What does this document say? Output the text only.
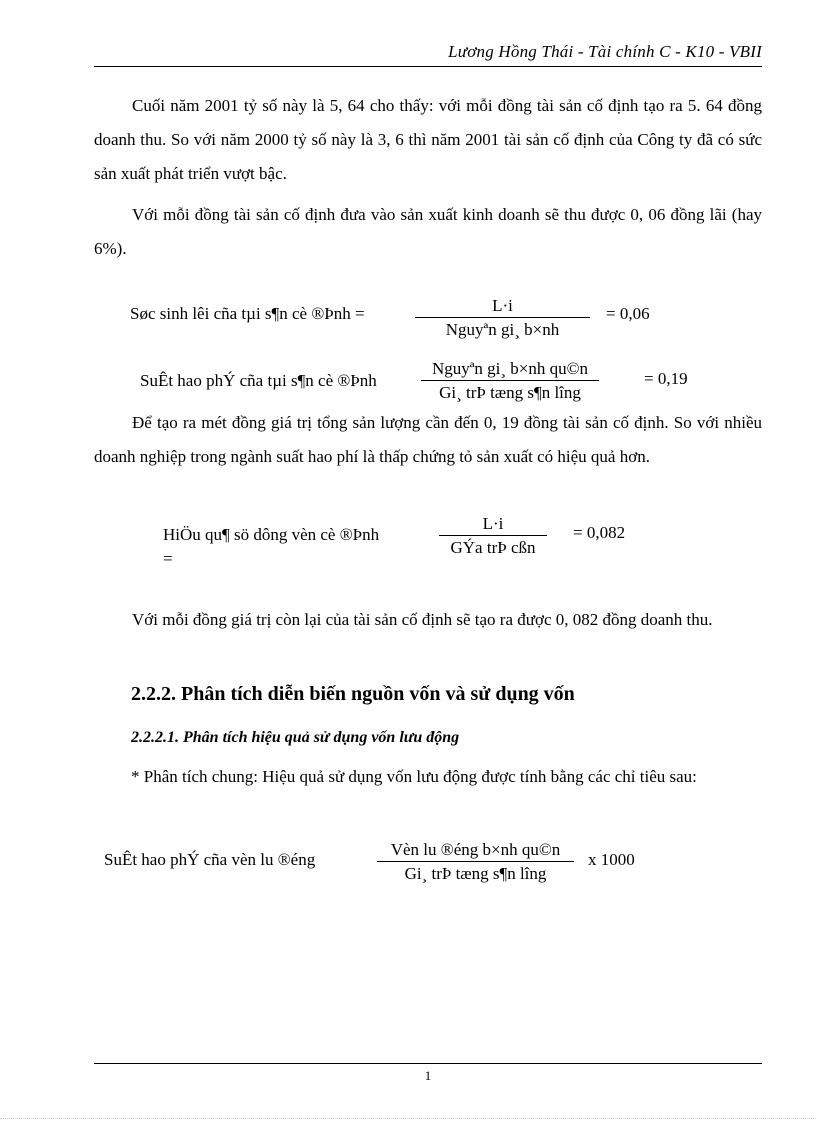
Lương Hồng Thái - Tài chính C - K10 - VBII
Cuối năm 2001 tỷ số này là 5, 64 cho thấy: với mỗi đồng tài sản cố định tạo ra 5. 64 đồng doanh thu. So với năm 2000 tỷ số này là 3, 6 thì năm 2001 tài sản cố định của Công ty đã có sức sản xuất phát triển vượt bậc.
Với mỗi đồng tài sản cố định đưa vào sản xuất kinh doanh sẽ thu được 0, 06 đồng lãi (hay 6%).
Søc sinh lêi cña tµi s¶n cè ®Þnh =	L·i
Nguyªn gi¸ b×nh
= 0,06
SuÊt hao phÝ cña tµi s¶n cè ®Þnh
Nguyªn gi¸ b×nh qu©n
Gi¸ trÞ tæng s¶n lîng
= 0,19
Để tạo ra mét đồng giá trị tổng sản lượng cần đến 0, 19 đồng tài sản cố định. So với nhiều doanh nghiệp trong ngành suất hao phí là thấp chứng tỏ sản xuất có hiệu quả hơn.
HiÖu qu¶ sö dông vèn cè ®Þnh
=
L·i
GÝa trÞ cßn
= 0,082
Với mỗi đồng giá trị còn lại của tài sản cố định sẽ tạo ra được 0, 082 đồng doanh thu.
2.2.2. Phân tích diễn biến nguồn vốn và sử dụng vốn
2.2.2.1. Phân tích hiệu quả sử dụng vốn lưu động
* Phân tích chung: Hiệu quả sử dụng vốn lưu động được tính bằng các chỉ tiêu sau:
SuÊt hao phÝ cña vèn lu ®éng
Vèn lu ®éng b×nh qu©n
Gi¸ trÞ tæng s¶n lîng
x 1000
1
